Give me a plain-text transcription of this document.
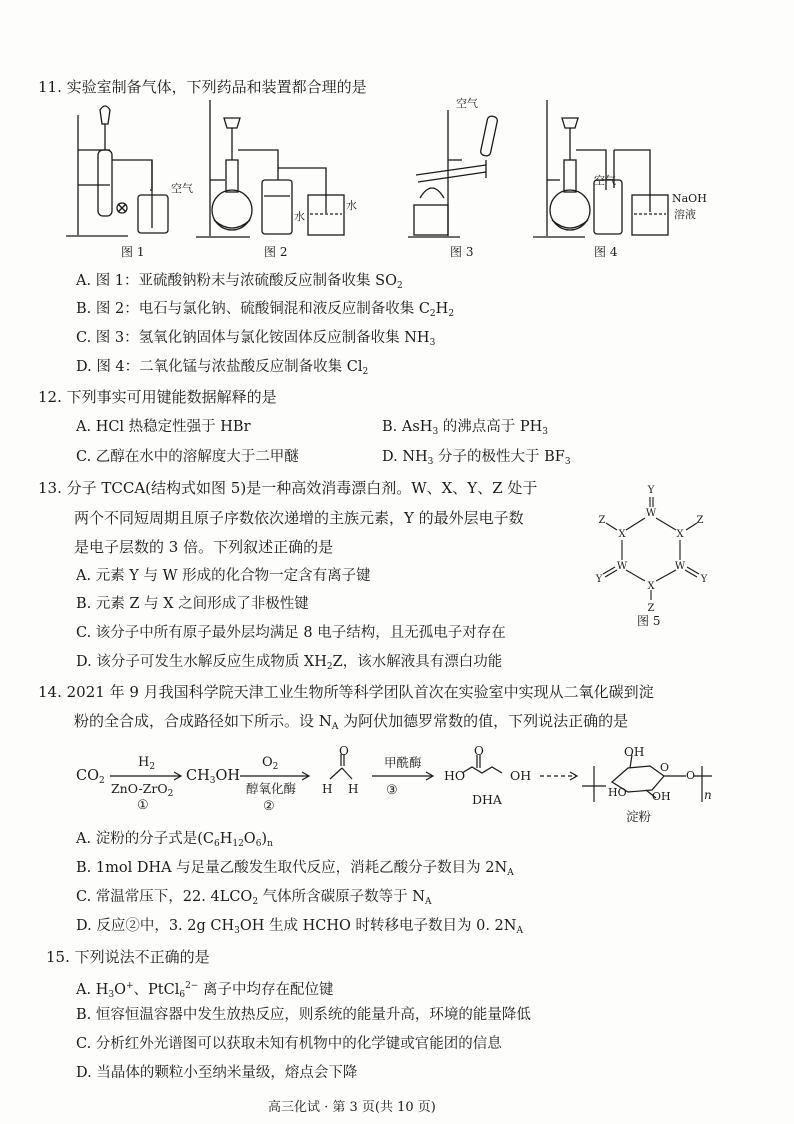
11. 实验室制备气体，下列药品和装置都合理的是
空气
水
水
空气
空气
NaOH
溶液
图 1	图 2	图 3	图 4
A. 图 1：亚硫酸钠粉末与浓硫酸反应制备收集 $SO_2$
B. 图 2：电石与氯化钠、硫酸铜混和液反应制备收集 $C_2H_2$
C. 图 3：氢氧化钠固体与氯化铵固体反应制备收集 $NH_3$
D. 图 4：二氧化锰与浓盐酸反应制备收集 $Cl_2$
12. 下列事实可用键能数据解释的是
A. HCl 热稳定性强于 HBr	B. AsH$_3$ 的沸点高于 $PH_3$
C. 乙醇在水中的溶解度大于二甲醚	D. $NH_3$ 分子的极性大于 $BF_3$
13. 分子 TCCA(结构式如图 5)是一种高效消毒漂白剂。W、X、Y、Z 处于
两个不同短周期且原子序数依次递增的主族元素，Y 的最外层电子数
是电子层数的 3 倍。下列叙述正确的是
A. 元素 Y 与 W 形成的化合物一定含有离子键
B. 元素 Z 与 X 之间形成了非极性键
C. 该分子中所有原子最外层均满足 8 电子结构，且无孤电子对存在
D. 该分子可发生水解反应生成物质 $XH_2Z$，该水解液具有漂白功能
Y
W
X
X
Z
Z
W
W
X
Z
Y
Y
图 5
14. 2021 年 9 月我国科学院天津工业生物所等科学团队首次在实验室中实现从二氧化碳到淀
粉的全合成，合成路径如下所示。设 $N_A$ 为阿伏加德罗常数的值，下列说法正确的是
$CO_2$
$H_2$
ZnO-ZrO$_2$
①
$CH_3OH$
$O_2$
醇氧化酶
②
O
H H
甲酰酶
③
HO
O
OH
DHA
OH
O
O
HO OH	n
淀粉
A. 淀粉的分子式是$(C_6H_{12}O_6)_n$
B. 1mol DHA 与足量乙酸发生取代反应，消耗乙酸分子数目为 $2N_A$
C. 常温常压下，22. $4LCO_2$ 气体所含碳原子数等于 $N_A$
D. 反应②中，3. 2g $CH_3OH$ 生成 HCHO 时转移电子数目为 0. $2N_A$
15. 下列说法不正确的是
A. $H_3O^+$、PtCl$_6^{2-}$ 离子中均存在配位键
B. 恒容恒温容器中发生放热反应，则系统的能量升高，环境的能量降低
C. 分析红外光谱图可以获取未知有机物中的化学键或官能团的信息
D. 当晶体的颗粒小至纳米量级，熔点会下降
高三化试 · 第 3 页(共 10 页)
